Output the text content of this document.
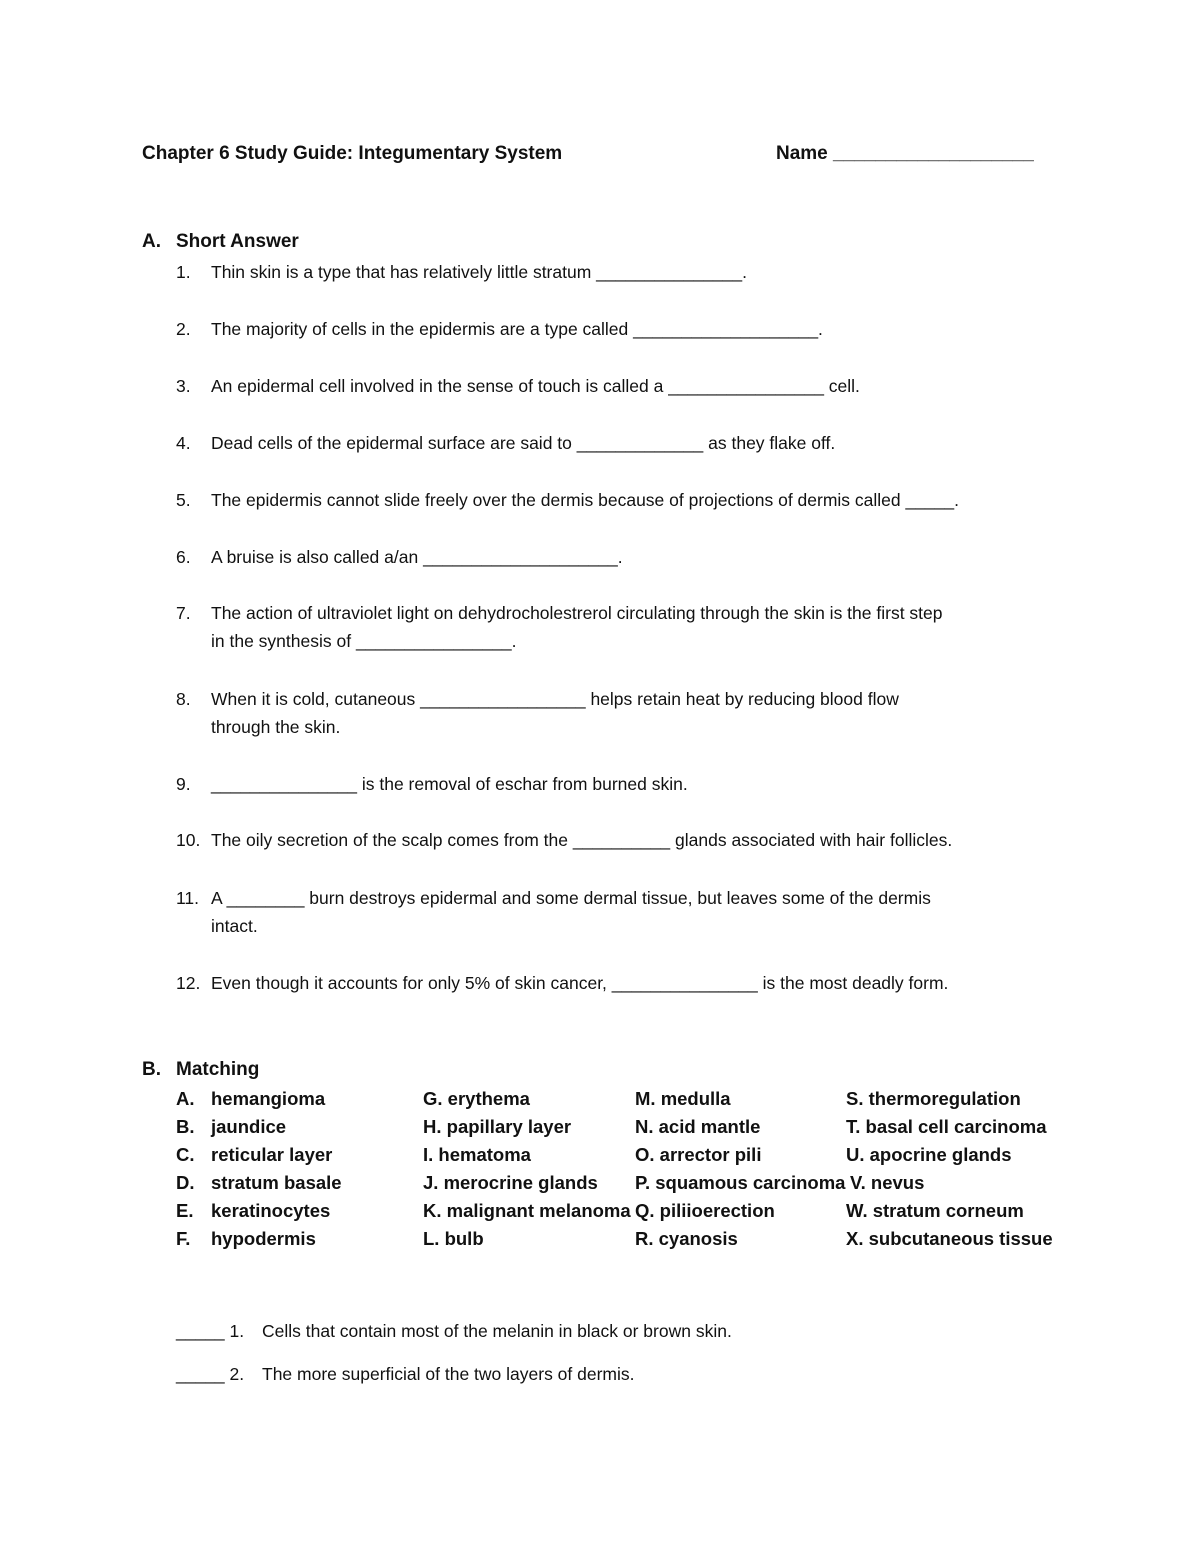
Chapter 6 Study Guide: Integumentary System	Name ___________________
A. Short Answer
1. Thin skin is a type that has relatively little stratum _______________.
2. The majority of cells in the epidermis are a type called ___________________.
3. An epidermal cell involved in the sense of touch is called a ________________ cell.
4. Dead cells of the epidermal surface are said to _____________ as they flake off.
5. The epidermis cannot slide freely over the dermis because of projections of dermis called _____.
6. A bruise is also called a/an ____________________.
7. The action of ultraviolet light on dehydrocholestrerol circulating through the skin is the first step
in the synthesis of ________________.
8. When it is cold, cutaneous _________________ helps retain heat by reducing blood flow
through the skin.
9. _______________ is the removal of eschar from burned skin.
10. The oily secretion of the scalp comes from the __________ glands associated with hair follicles.
11. A ________ burn destroys epidermal and some dermal tissue, but leaves some of the dermis
intact.
12. Even though it accounts for only 5% of skin cancer, _______________ is the most deadly form.
B. Matching
A. hemangioma
B. jaundice
C. reticular layer
D. stratum basale
E. keratinocytes
F. hypodermis
G. erythema
H. papillary layer
I. hematoma
J. merocrine glands
K. malignant melanoma
L. bulb
M. medulla
N. acid mantle
O. arrector pili
P. squamous carcinoma
Q. piliioerection
R. cyanosis
S. thermoregulation
T. basal cell carcinoma
U. apocrine glands
V. nevus
W. stratum corneum
X. subcutaneous tissue
_____ 1. Cells that contain most of the melanin in black or brown skin.
_____ 2. The more superficial of the two layers of dermis.
